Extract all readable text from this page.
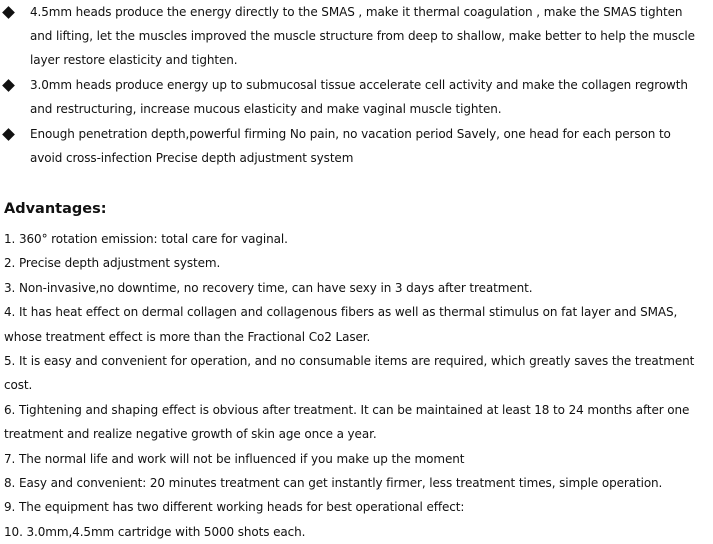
4.5mm heads produce the energy directly to the SMAS , make it thermal coagulation , make the SMAS tighten and lifting, let the muscles improved the muscle structure from deep to shallow, make better to help the muscle layer restore elasticity and tighten.
3.0mm heads produce energy up to submucosal tissue accelerate cell activity and make the collagen regrowth and restructuring, increase mucous elasticity and make vaginal muscle tighten.
Enough penetration depth,powerful firming No pain, no vacation period Savely, one head for each person to avoid cross-infection Precise depth adjustment system
Advantages:
1. 360° rotation emission: total care for vaginal.
2. Precise depth adjustment system.
3. Non-invasive,no downtime, no recovery time, can have sexy in 3 days after treatment.
4. It has heat effect on dermal collagen and collagenous fibers as well as thermal stimulus on fat layer and SMAS, whose treatment effect is more than the Fractional Co2 Laser.
5. It is easy and convenient for operation, and no consumable items are required, which greatly saves the treatment cost.
6. Tightening and shaping effect is obvious after treatment. It can be maintained at least 18 to 24 months after one treatment and realize negative growth of skin age once a year.
7. The normal life and work will not be influenced if you make up the moment
8. Easy and convenient: 20 minutes treatment can get instantly firmer, less treatment times, simple operation.
9. The equipment has two different working heads for best operational effect:
10. 3.0mm,4.5mm cartridge with 5000 shots each.
